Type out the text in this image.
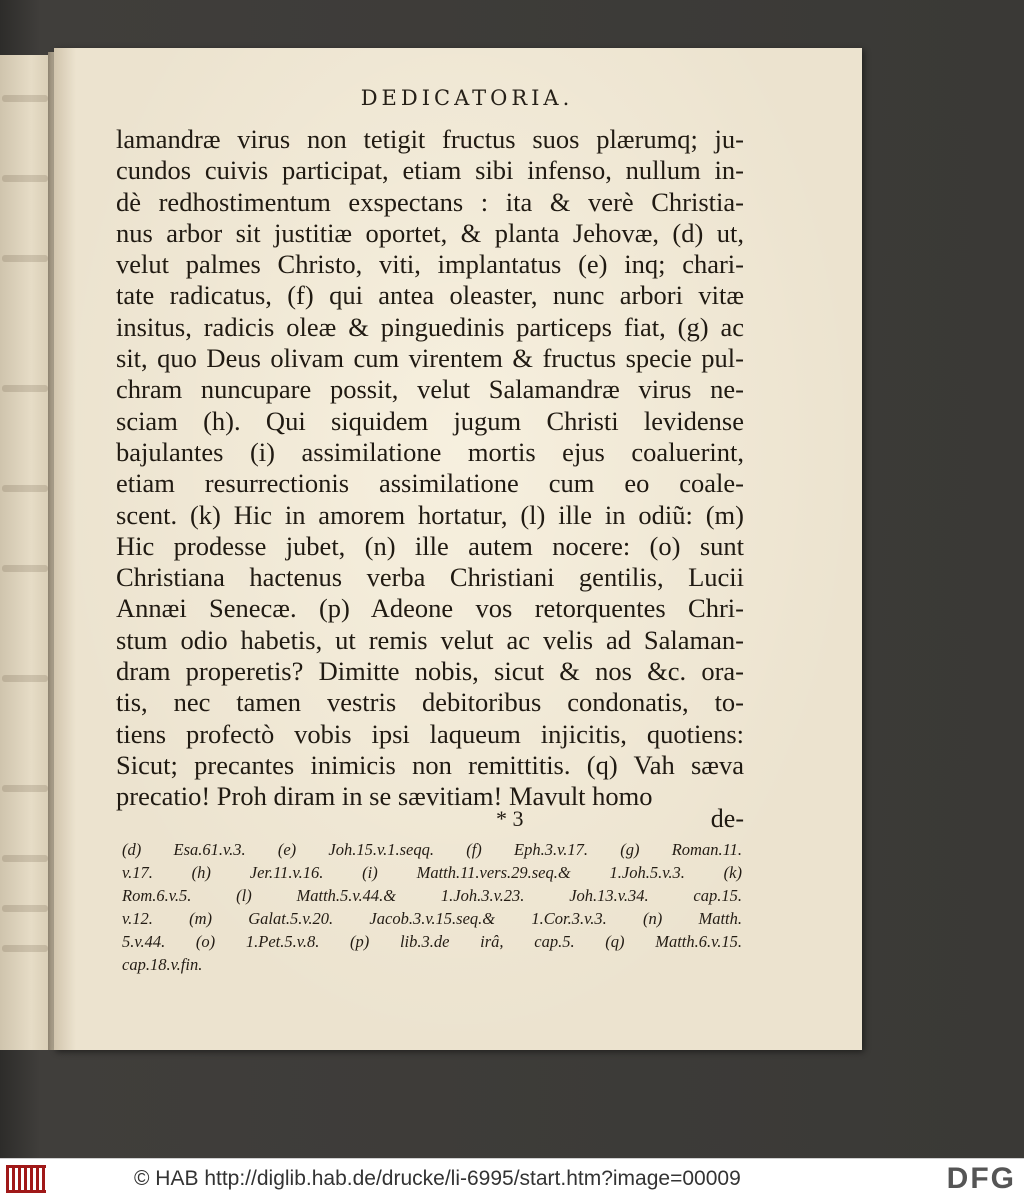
DEDICATORIA.
lamandræ virus non tetigit fructus suos plærumq; ju-
cundos cuivis participat, etiam sibi infenso, nullum in-
dè redhostimentum exspectans : ita & verè Christia-
nus arbor sit justitiæ oportet, & planta Jehovæ, (d) ut,
velut palmes Christo, viti, implantatus (e) inq; chari-
tate radicatus, (f) qui antea oleaster, nunc arbori vitæ
insitus, radicis oleæ & pinguedinis particeps fiat, (g) ac
sit, quo Deus olivam cum virentem & fructus specie pul-
chram nuncupare possit, velut Salamandræ virus ne-
sciam (h). Qui siquidem jugum Christi levidense
bajulantes (i) assimilatione mortis ejus coaluerint,
etiam resurrectionis assimilatione cum eo coale-
scent. (k) Hic in amorem hortatur, (l) ille in odiũ: (m)
Hic prodesse jubet, (n) ille autem nocere: (o) sunt
Christiana hactenus verba Christiani gentilis, Lucii
Annæi Senecæ. (p) Adeone vos retorquentes Chri-
stum odio habetis, ut remis velut ac velis ad Salaman-
dram properetis? Dimitte nobis, sicut & nos &c. ora-
tis, nec tamen vestris debitoribus condonatis, to-
tiens profectò vobis ipsi laqueum injicitis, quotiens:
Sicut; precantes inimicis non remittitis. (q) Vah sæva
precatio! Proh diram in se sævitiam! Mavult homo
* 3	de-
(d) Esa.61.v.3. (e) Joh.15.v.1.seqq. (f) Eph.3.v.17. (g) Roman.11.
v.17. (h) Jer.11.v.16. (i) Matth.11.vers.29.seq.& 1.Joh.5.v.3. (k)
Rom.6.v.5. (l) Matth.5.v.44.& 1.Joh.3.v.23. Joh.13.v.34. cap.15.
v.12. (m) Galat.5.v.20. Jacob.3.v.15.seq.& 1.Cor.3.v.3. (n) Matth.
5.v.44. (o) 1.Pet.5.v.8. (p) lib.3.de irâ, cap.5. (q) Matth.6.v.15.
cap.18.v.fin.
© HAB http://diglib.hab.de/drucke/li-6995/start.htm?image=00009	DFG
